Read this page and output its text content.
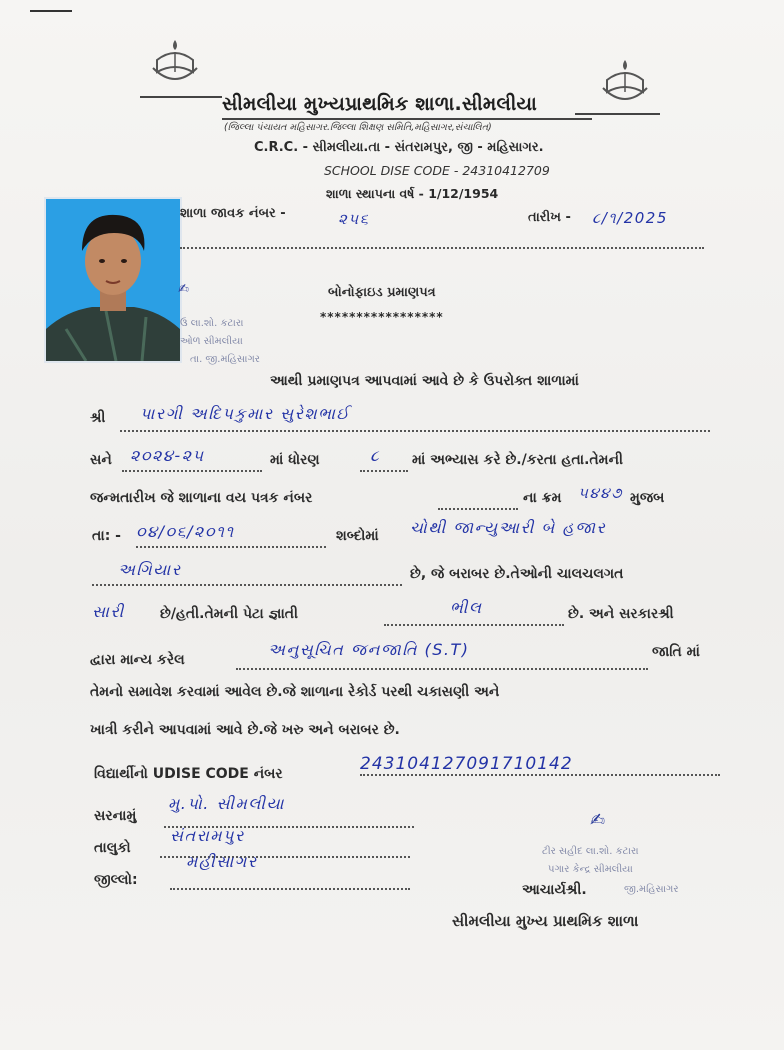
સીમલીયા મુખ્યપ્રાથમિક શાળા.સીમલીયા
(જિલ્લા પંચાયત મહિસાગર.જિલ્લા શિક્ષણ સમિતિ,મહિસાગર,સંચાલિત)
C.R.C. - સીમલીયા.તા - સંતરામપુર, જી - મહિસાગર.
SCHOOL DISE CODE - 24310412709
શાળા સ્થાપના વર્ષ - 1/12/1954
શાળા જાવક નંબર -	૨૫૬	તારીખ - ૮/૧/2025
✍
ઉ લા.શો. કટારા
ઓળ સીમલીયા
તા. જી.મહિસાગર
બોનોફાઇડ પ્રમાણપત્ર
*****************
આથી પ્રમાણપત્ર આપવામાં આવે છે કે ઉપરોક્ત શાળામાં
શ્રી પારગી અદિપકુમાર સુરેશભાઈ
સને ૨૦૨૪-૨૫	માં ધોરણ	૮ માં અભ્યાસ કરે છે./કરતા હતા.તેમની
જન્મતારીખ જે શાળાના વય પત્રક નંબર	ના ક્રમ ૫૪૪૭ મુજબ
તા: - ૦૪/૦૬/૨૦૧૧	શબ્દોમાં ચોથી જાન્યુઆરી બે હજાર
અગિયાર	છે, જે બરાબર છે.તેઓની ચાલચલગત
સારી	છે/હતી.તેમની પેટા જ્ઞાતી	ભીલ	છે. અને સરકારશ્રી
દ્વારા માન્ય કરેલ
અનુસૂચિત જનજાતિ (S.T)	જાતિ માં
તેમનો સમાવેશ કરવામાં આવેલ છે.જે શાળાના રેકોર્ડ પરથી ચકાસણી અને
ખાત્રી કરીને આપવામાં આવે છે.જે ખરુ અને બરાબર છે.
વિદ્યાર્થીનો UDISE CODE નંબર	243104127091710142
સરનામું
મુ.પો. સીમલીયા
તાલુકો
સંતરામપુર
જીલ્લો:
મહીસાગર
✍
ટીર સહીદ લા.શો. કટારા
પગાર કેન્દ્ર સીમલીયા
આચાર્યશ્રી.	જી.મહિસાગર
સીમલીયા મુખ્ય પ્રાથમિક શાળા
